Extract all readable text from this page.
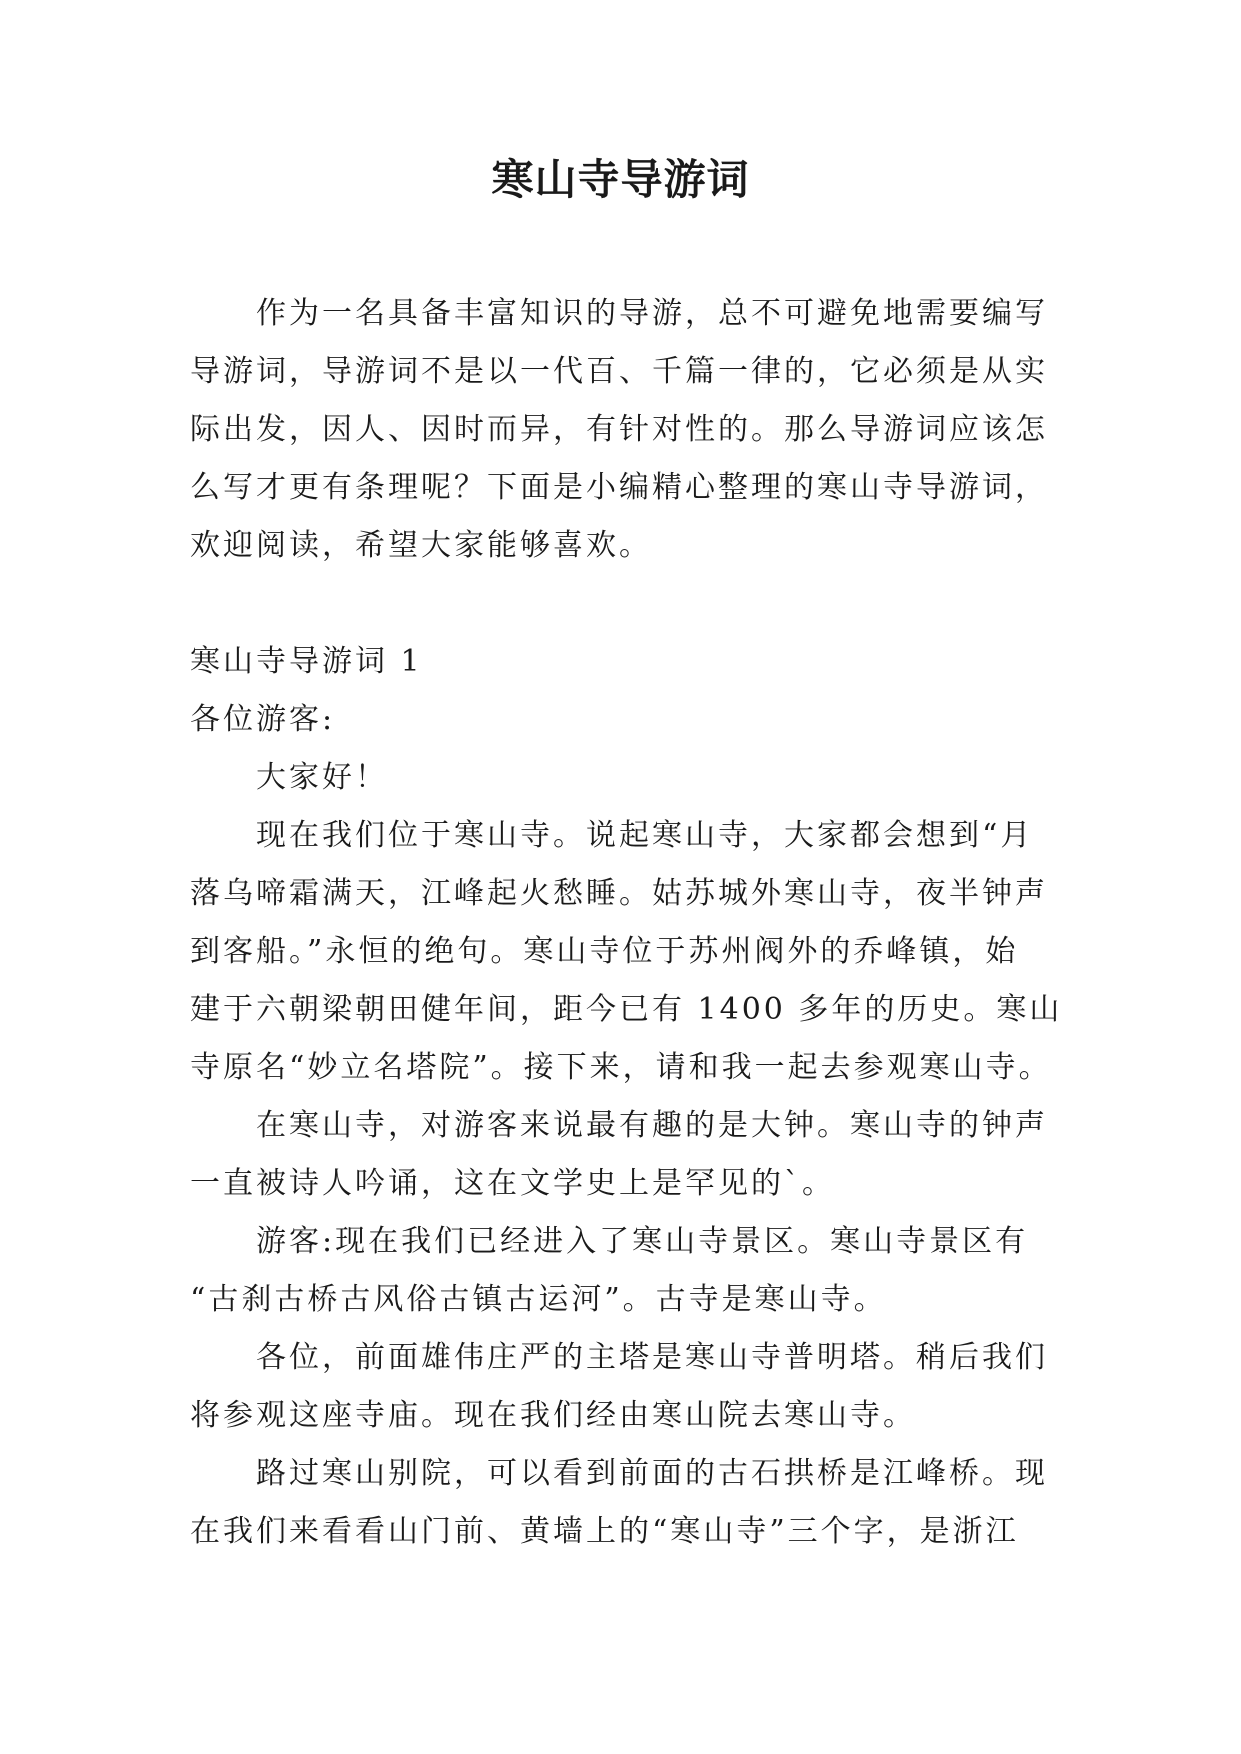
寒山寺导游词
作为一名具备丰富知识的导游，总不可避免地需要编写
导游词，导游词不是以一代百、千篇一律的，它必须是从实
际出发，因人、因时而异，有针对性的。那么导游词应该怎
么写才更有条理呢？下面是小编精心整理的寒山寺导游词，
欢迎阅读，希望大家能够喜欢。
寒山寺导游词 1
各位游客:
大家好！
现在我们位于寒山寺。说起寒山寺，大家都会想到“月
落乌啼霜满天，江峰起火愁睡。姑苏城外寒山寺，夜半钟声
到客船。”永恒的绝句。寒山寺位于苏州阀外的乔峰镇，始
建于六朝梁朝田健年间，距今已有 1400 多年的历史。寒山
寺原名“妙立名塔院”。接下来，请和我一起去参观寒山寺。
在寒山寺，对游客来说最有趣的是大钟。寒山寺的钟声
一直被诗人吟诵，这在文学史上是罕见的`。
游客:现在我们已经进入了寒山寺景区。寒山寺景区有
“古刹古桥古风俗古镇古运河”。古寺是寒山寺。
各位，前面雄伟庄严的主塔是寒山寺普明塔。稍后我们
将参观这座寺庙。现在我们经由寒山院去寒山寺。
路过寒山别院，可以看到前面的古石拱桥是江峰桥。现
在我们来看看山门前、黄墙上的“寒山寺”三个字，是浙江
